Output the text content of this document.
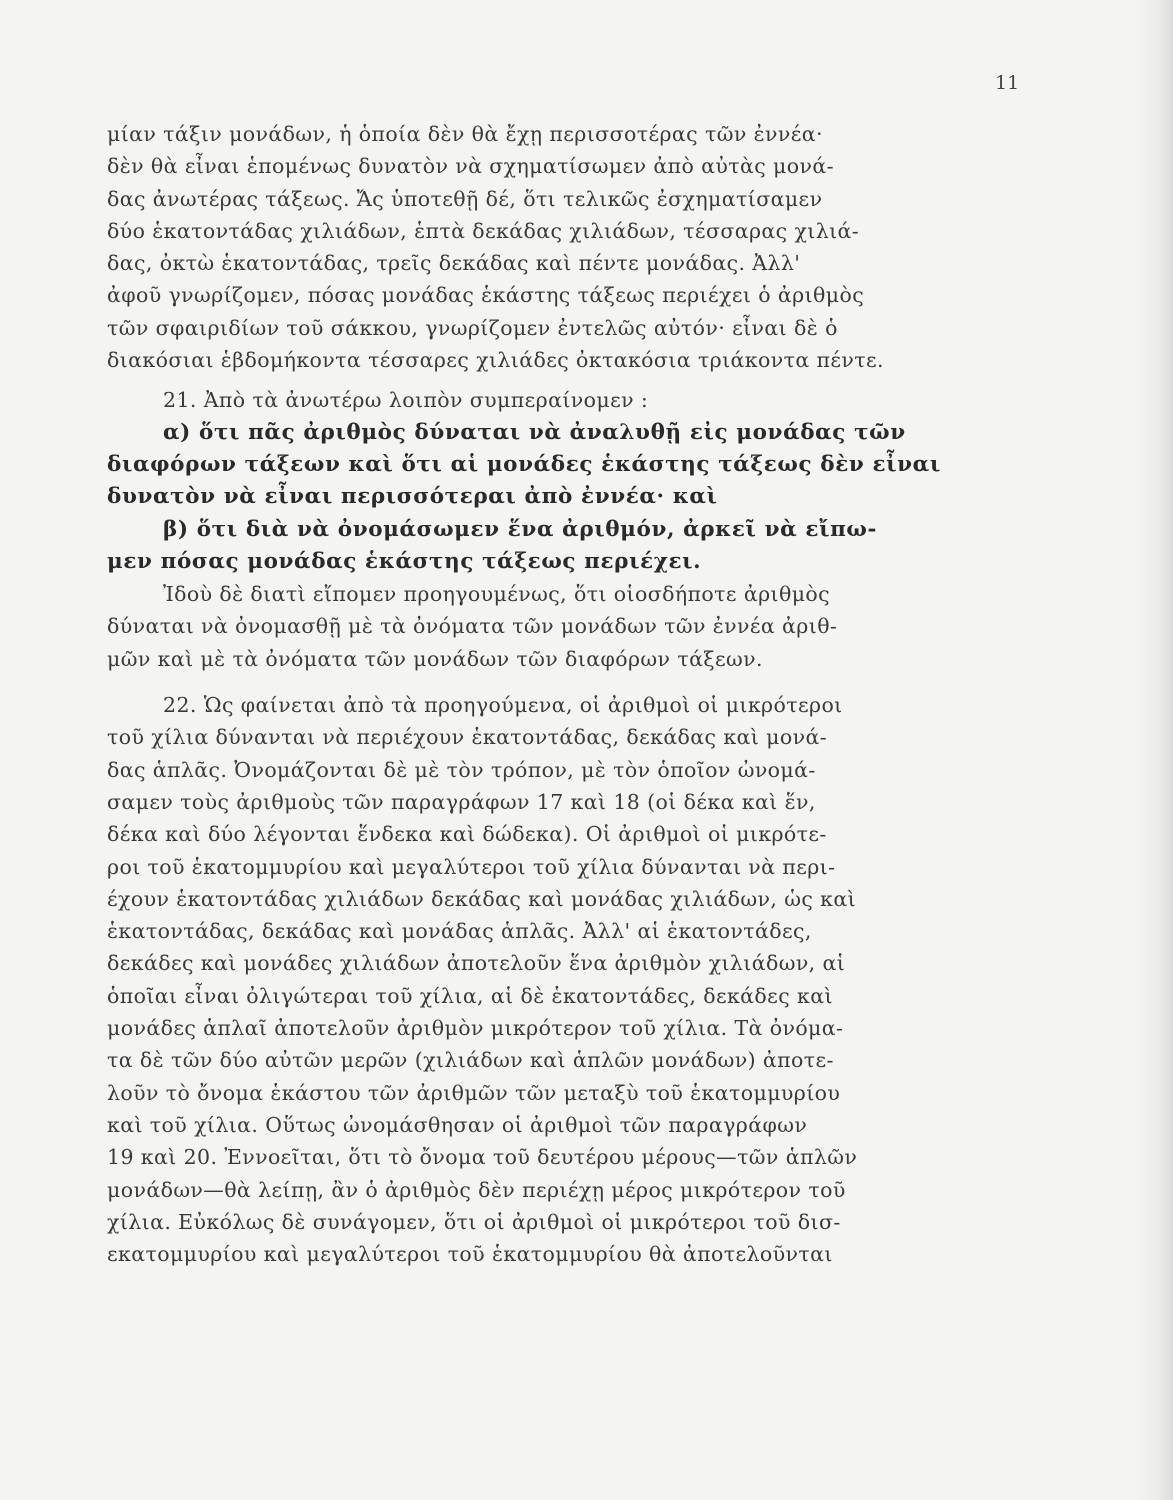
11
μίαν τάξιν μονάδων, ἡ ὁποία δὲν θὰ ἔχῃ περισσοτέρας τῶν ἐννέα·
δὲν θὰ εἶναι ἑπομένως δυνατὸν νὰ σχηματίσωμεν ἀπὸ αὐτὰς μονά-
δας ἀνωτέρας τάξεως. Ἄς ὑποτεθῇ δέ, ὅτι τελικῶς ἐσχηματίσαμεν
δύο ἑκατοντάδας χιλιάδων, ἑπτὰ δεκάδας χιλιάδων, τέσσαρας χιλιά-
δας, ὀκτὼ ἑκατοντάδας, τρεῖς δεκάδας καὶ πέντε μονάδας. Ἀλλ'
ἀφοῦ γνωρίζομεν, πόσας μονάδας ἑκάστης τάξεως περιέχει ὁ ἀριθμὸς
τῶν σφαιριδίων τοῦ σάκκου, γνωρίζομεν ἐντελῶς αὐτόν· εἶναι δὲ ὁ
διακόσιαι ἑβδομήκοντα τέσσαρες χιλιάδες ὀκτακόσια τριάκοντα πέντε.
21. Ἀπὸ τὰ ἀνωτέρω λοιπὸν συμπεραίνομεν :
α) ὅτι πᾶς ἀριθμὸς δύναται νὰ ἀναλυθῇ εἰς μονάδας τῶν
διαφόρων τάξεων καὶ ὅτι αἱ μονάδες ἑκάστης τάξεως δὲν εἶναι
δυνατὸν νὰ εἶναι περισσότεραι ἀπὸ ἐννέα· καὶ
β) ὅτι διὰ νὰ ὀνομάσωμεν ἕνα ἀριθμόν, ἀρκεῖ νὰ εἴπω-
μεν πόσας μονάδας ἑκάστης τάξεως περιέχει.
Ἰδοὺ δὲ διατὶ εἴπομεν προηγουμένως, ὅτι οἱοσδήποτε ἀριθμὸς
δύναται νὰ ὀνομασθῇ μὲ τὰ ὀνόματα τῶν μονάδων τῶν ἐννέα ἀριθ-
μῶν καὶ μὲ τὰ ὀνόματα τῶν μονάδων τῶν διαφόρων τάξεων.
22. Ὡς φαίνεται ἀπὸ τὰ προηγούμενα, οἱ ἀριθμοὶ οἱ μικρότεροι
τοῦ χίλια δύνανται νὰ περιέχουν ἑκατοντάδας, δεκάδας καὶ μονά-
δας ἁπλᾶς. Ὀνομάζονται δὲ μὲ τὸν τρόπον, μὲ τὸν ὁποῖον ὠνομά-
σαμεν τοὺς ἀριθμοὺς τῶν παραγράφων 17 καὶ 18 (οἱ δέκα καὶ ἕν,
δέκα καὶ δύο λέγονται ἕνδεκα καὶ δώδεκα). Οἱ ἀριθμοὶ οἱ μικρότε-
ροι τοῦ ἑκατομμυρίου καὶ μεγαλύτεροι τοῦ χίλια δύνανται νὰ περι-
έχουν ἑκατοντάδας χιλιάδων δεκάδας καὶ μονάδας χιλιάδων, ὡς καὶ
ἑκατοντάδας, δεκάδας καὶ μονάδας ἁπλᾶς. Ἀλλ' αἱ ἑκατοντάδες,
δεκάδες καὶ μονάδες χιλιάδων ἀποτελοῦν ἕνα ἀριθμὸν χιλιάδων, αἱ
ὁποῖαι εἶναι ὀλιγώτεραι τοῦ χίλια, αἱ δὲ ἑκατοντάδες, δεκάδες καὶ
μονάδες ἁπλαῖ ἀποτελοῦν ἀριθμὸν μικρότερον τοῦ χίλια. Τὰ ὀνόμα-
τα δὲ τῶν δύο αὐτῶν μερῶν (χιλιάδων καὶ ἁπλῶν μονάδων) ἀποτε-
λοῦν τὸ ὄνομα ἑκάστου τῶν ἀριθμῶν τῶν μεταξὺ τοῦ ἑκατομμυρίου
καὶ τοῦ χίλια. Οὕτως ὠνομάσθησαν οἱ ἀριθμοὶ τῶν παραγράφων
19 καὶ 20. Ἐννοεῖται, ὅτι τὸ ὄνομα τοῦ δευτέρου μέρους—τῶν ἁπλῶν
μονάδων—θὰ λείπῃ, ἂν ὁ ἀριθμὸς δὲν περιέχῃ μέρος μικρότερον τοῦ
χίλια. Εὐκόλως δὲ συνάγομεν, ὅτι οἱ ἀριθμοὶ οἱ μικρότεροι τοῦ δισ-
εκατομμυρίου καὶ μεγαλύτεροι τοῦ ἑκατομμυρίου θὰ ἀποτελοῦνται
